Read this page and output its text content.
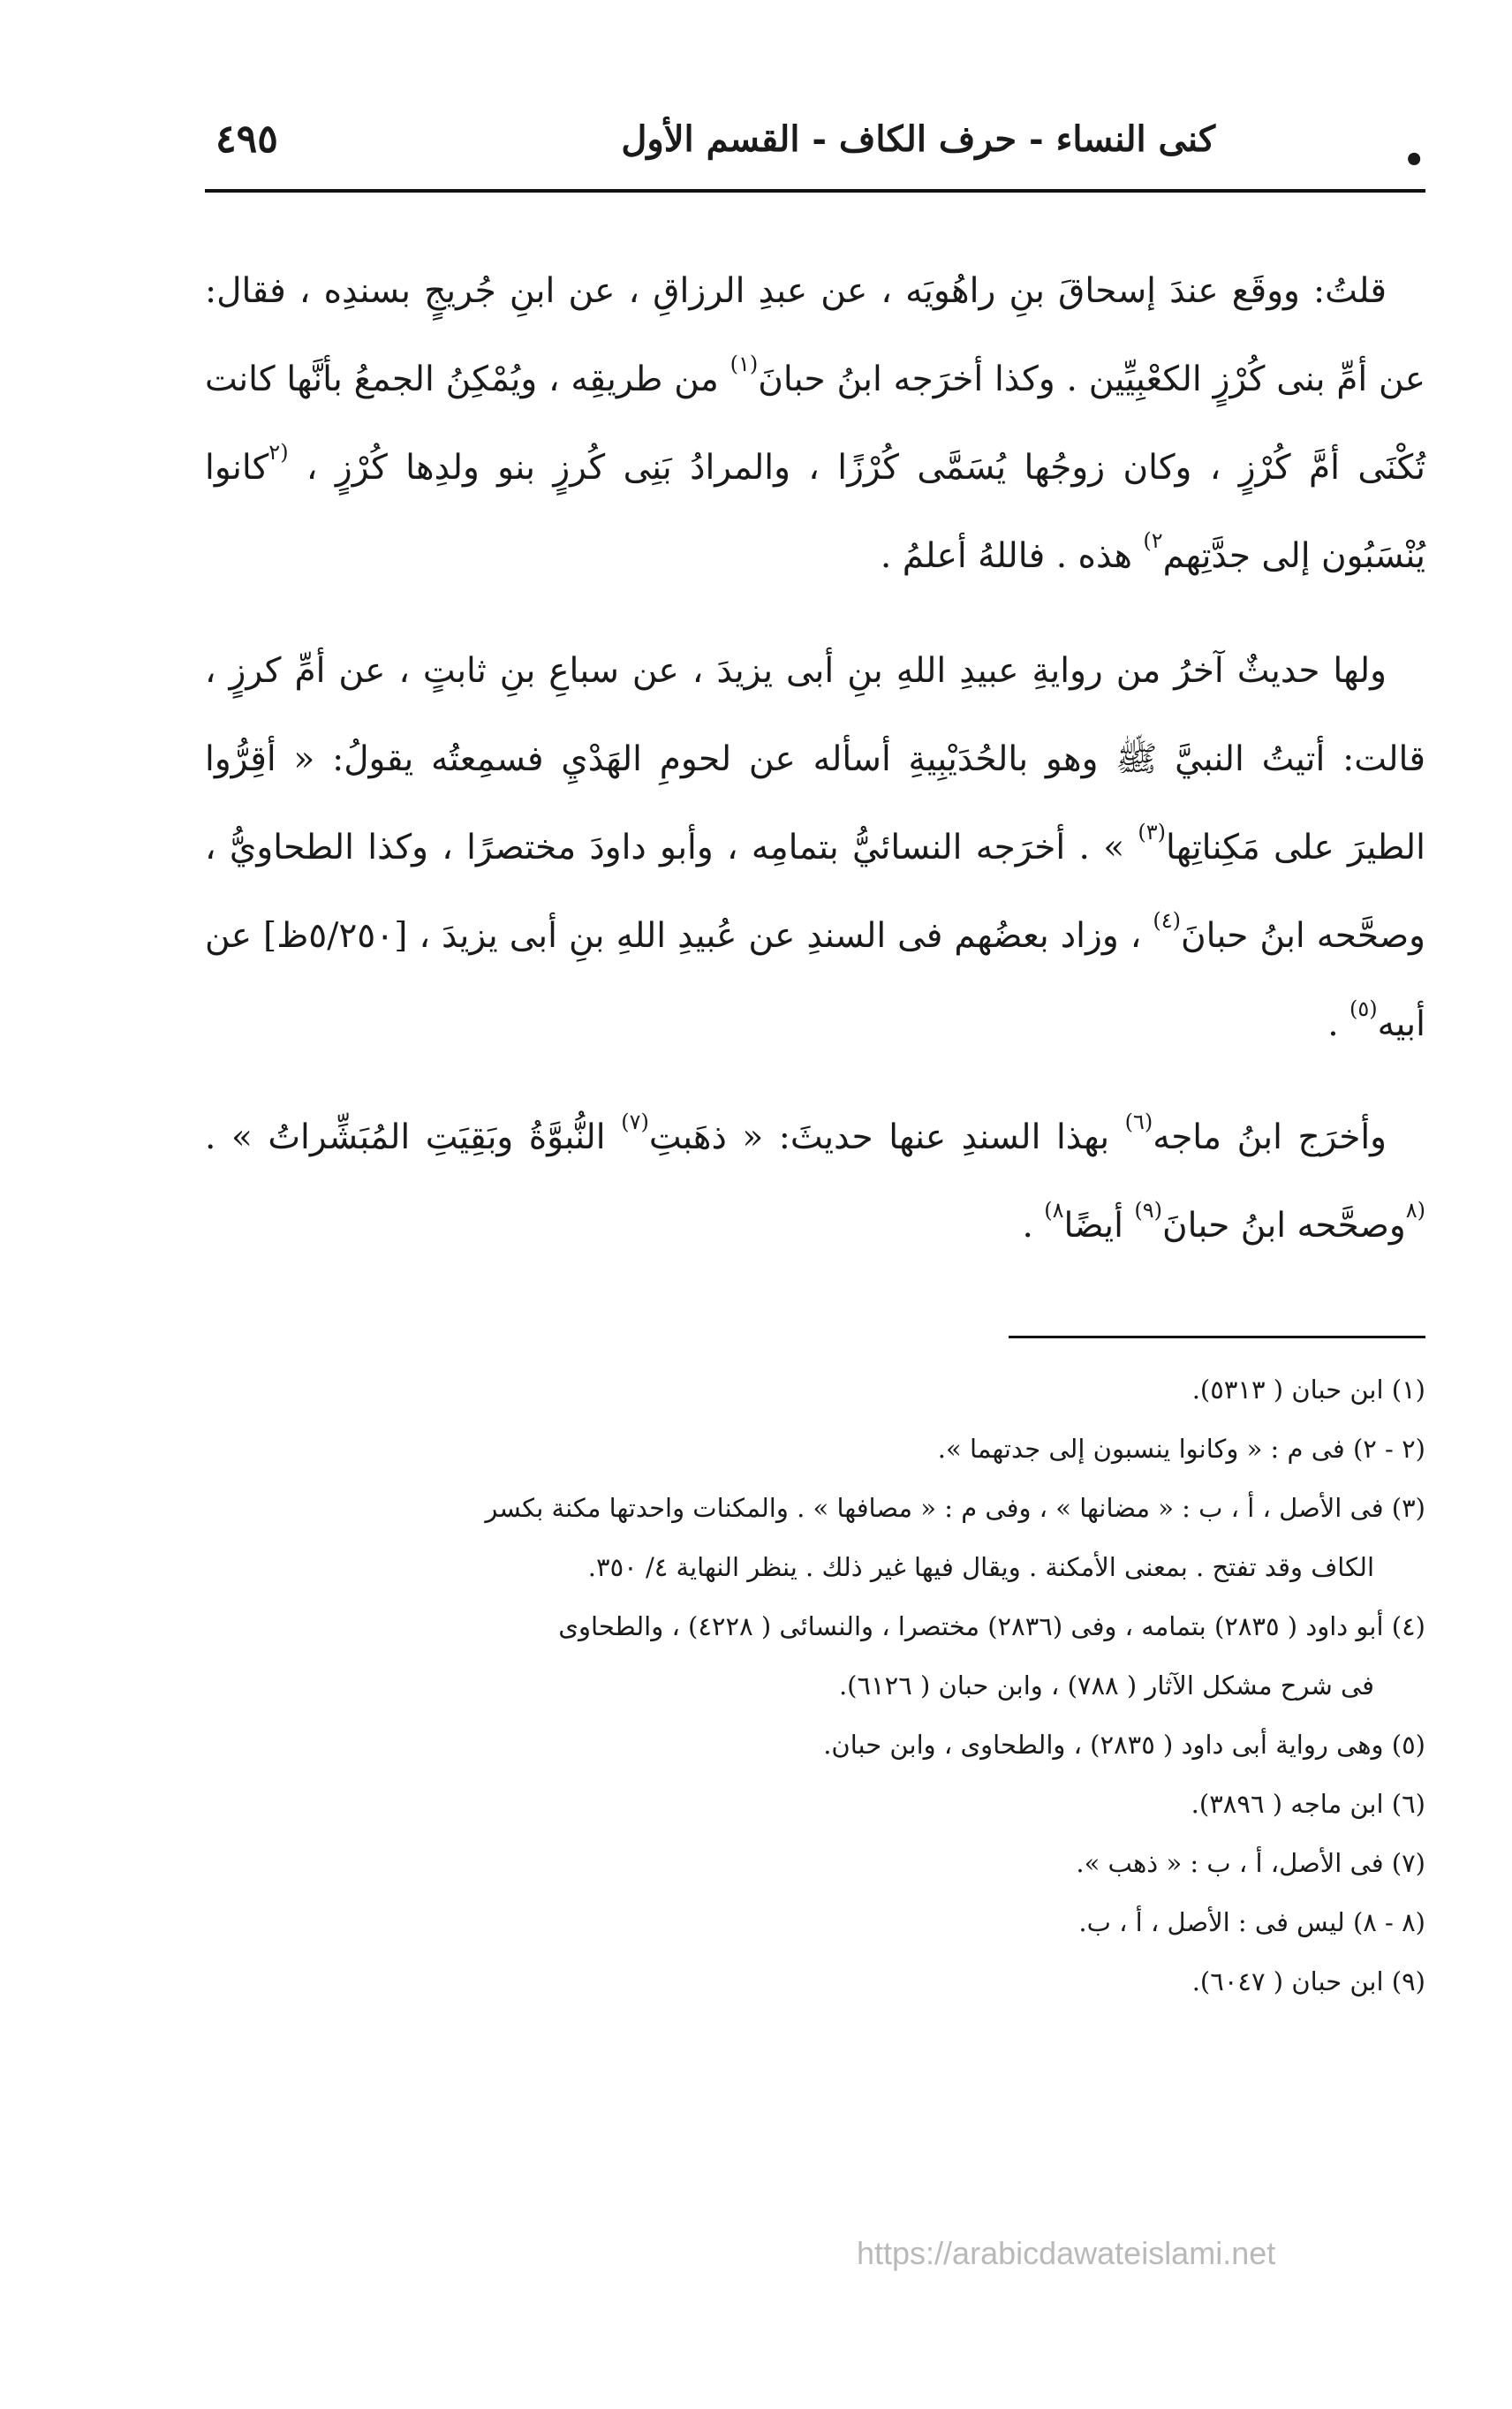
٤٩٥	كنى النساء - حرف الكاف - القسم الأول
•

قلتُ: ووقَع عندَ إسحاقَ بنِ راهُويَه ، عن عبدِ الرزاقِ ، عن ابنِ جُريجٍ بسندِه ، فقال: عن أمِّ بنى كُرْزٍ الكعْبِيِّين . وكذا أخرَجه ابنُ حبانَ$^{(١)}$ من طريقِه ، ويُمْكِنُ الجمعُ بأنَّها كانت تُكْنَى أمَّ كُرْزٍ ، وكان زوجُها يُسَمَّى كُرْزًا ، والمرادُ بَنِى كُرزٍ بنو ولدِها كُرْزٍ ، $^{(٢}$كانوا يُنْسَبُون إلى جدَّتِهم$^{٢)}$ هذه . فاللهُ أعلمُ .

ولها حديثٌ آخرُ من روايةِ عبيدِ اللهِ بنِ أبى يزيدَ ، عن سباعِ بنِ ثابتٍ ، عن أمِّ كرزٍ ، قالت: أتيتُ النبيَّ ﷺ وهو بالحُدَيْبِيةِ أسأله عن لحومِ الهَدْيِ فسمِعتُه يقولُ: « أقِرُّوا الطيرَ على مَكِناتِها$^{(٣)}$ » . أخرَجه النسائيُّ بتمامِه ، وأبو داودَ مختصرًا ، وكذا الطحاويُّ ، وصحَّحه ابنُ حبانَ$^{(٤)}$ ، وزاد بعضُهم فى السندِ عن عُبيدِ اللهِ بنِ أبى يزيدَ ، [٥/٢٥٠ظ] عن أبيه$^{(٥)}$ .

وأخرَج ابنُ ماجه$^{(٦)}$ بهذا السندِ عنها حديثَ: « ذهَبتِ$^{(٧)}$ النُّبوَّةُ وبَقِيَتِ المُبَشِّراتُ » . $^{(٨}$وصحَّحه ابنُ حبانَ$^{(٩)}$ أيضًا$^{٨)}$ .

(١) ابن حبان ( ٥٣١٣).

(٢ - ٢) فى م : « وكانوا ينسبون إلى جدتهما ».

(٣) فى الأصل ، أ ، ب : « مضانها » ، وفى م : « مصافها » . والمكنات واحدتها مكنة بكسر

الكاف وقد تفتح . بمعنى الأمكنة . ويقال فيها غير ذلك . ينظر النهاية ٤/ ٣٥٠.

(٤) أبو داود ( ٢٨٣٥) بتمامه ، وفى (٢٨٣٦) مختصرا ، والنسائى ( ٤٢٢٨) ، والطحاوى

فى شرح مشكل الآثار ( ٧٨٨) ، وابن حبان ( ٦١٢٦).

(٥) وهى رواية أبى داود ( ٢٨٣٥) ، والطحاوى ، وابن حبان.

(٦) ابن ماجه ( ٣٨٩٦).

(٧) فى الأصل، أ ، ب : « ذهب ».

(٨ - ٨) ليس فى : الأصل ، أ ، ب.

(٩) ابن حبان ( ٦٠٤٧).

https://arabicdawateislami.net
